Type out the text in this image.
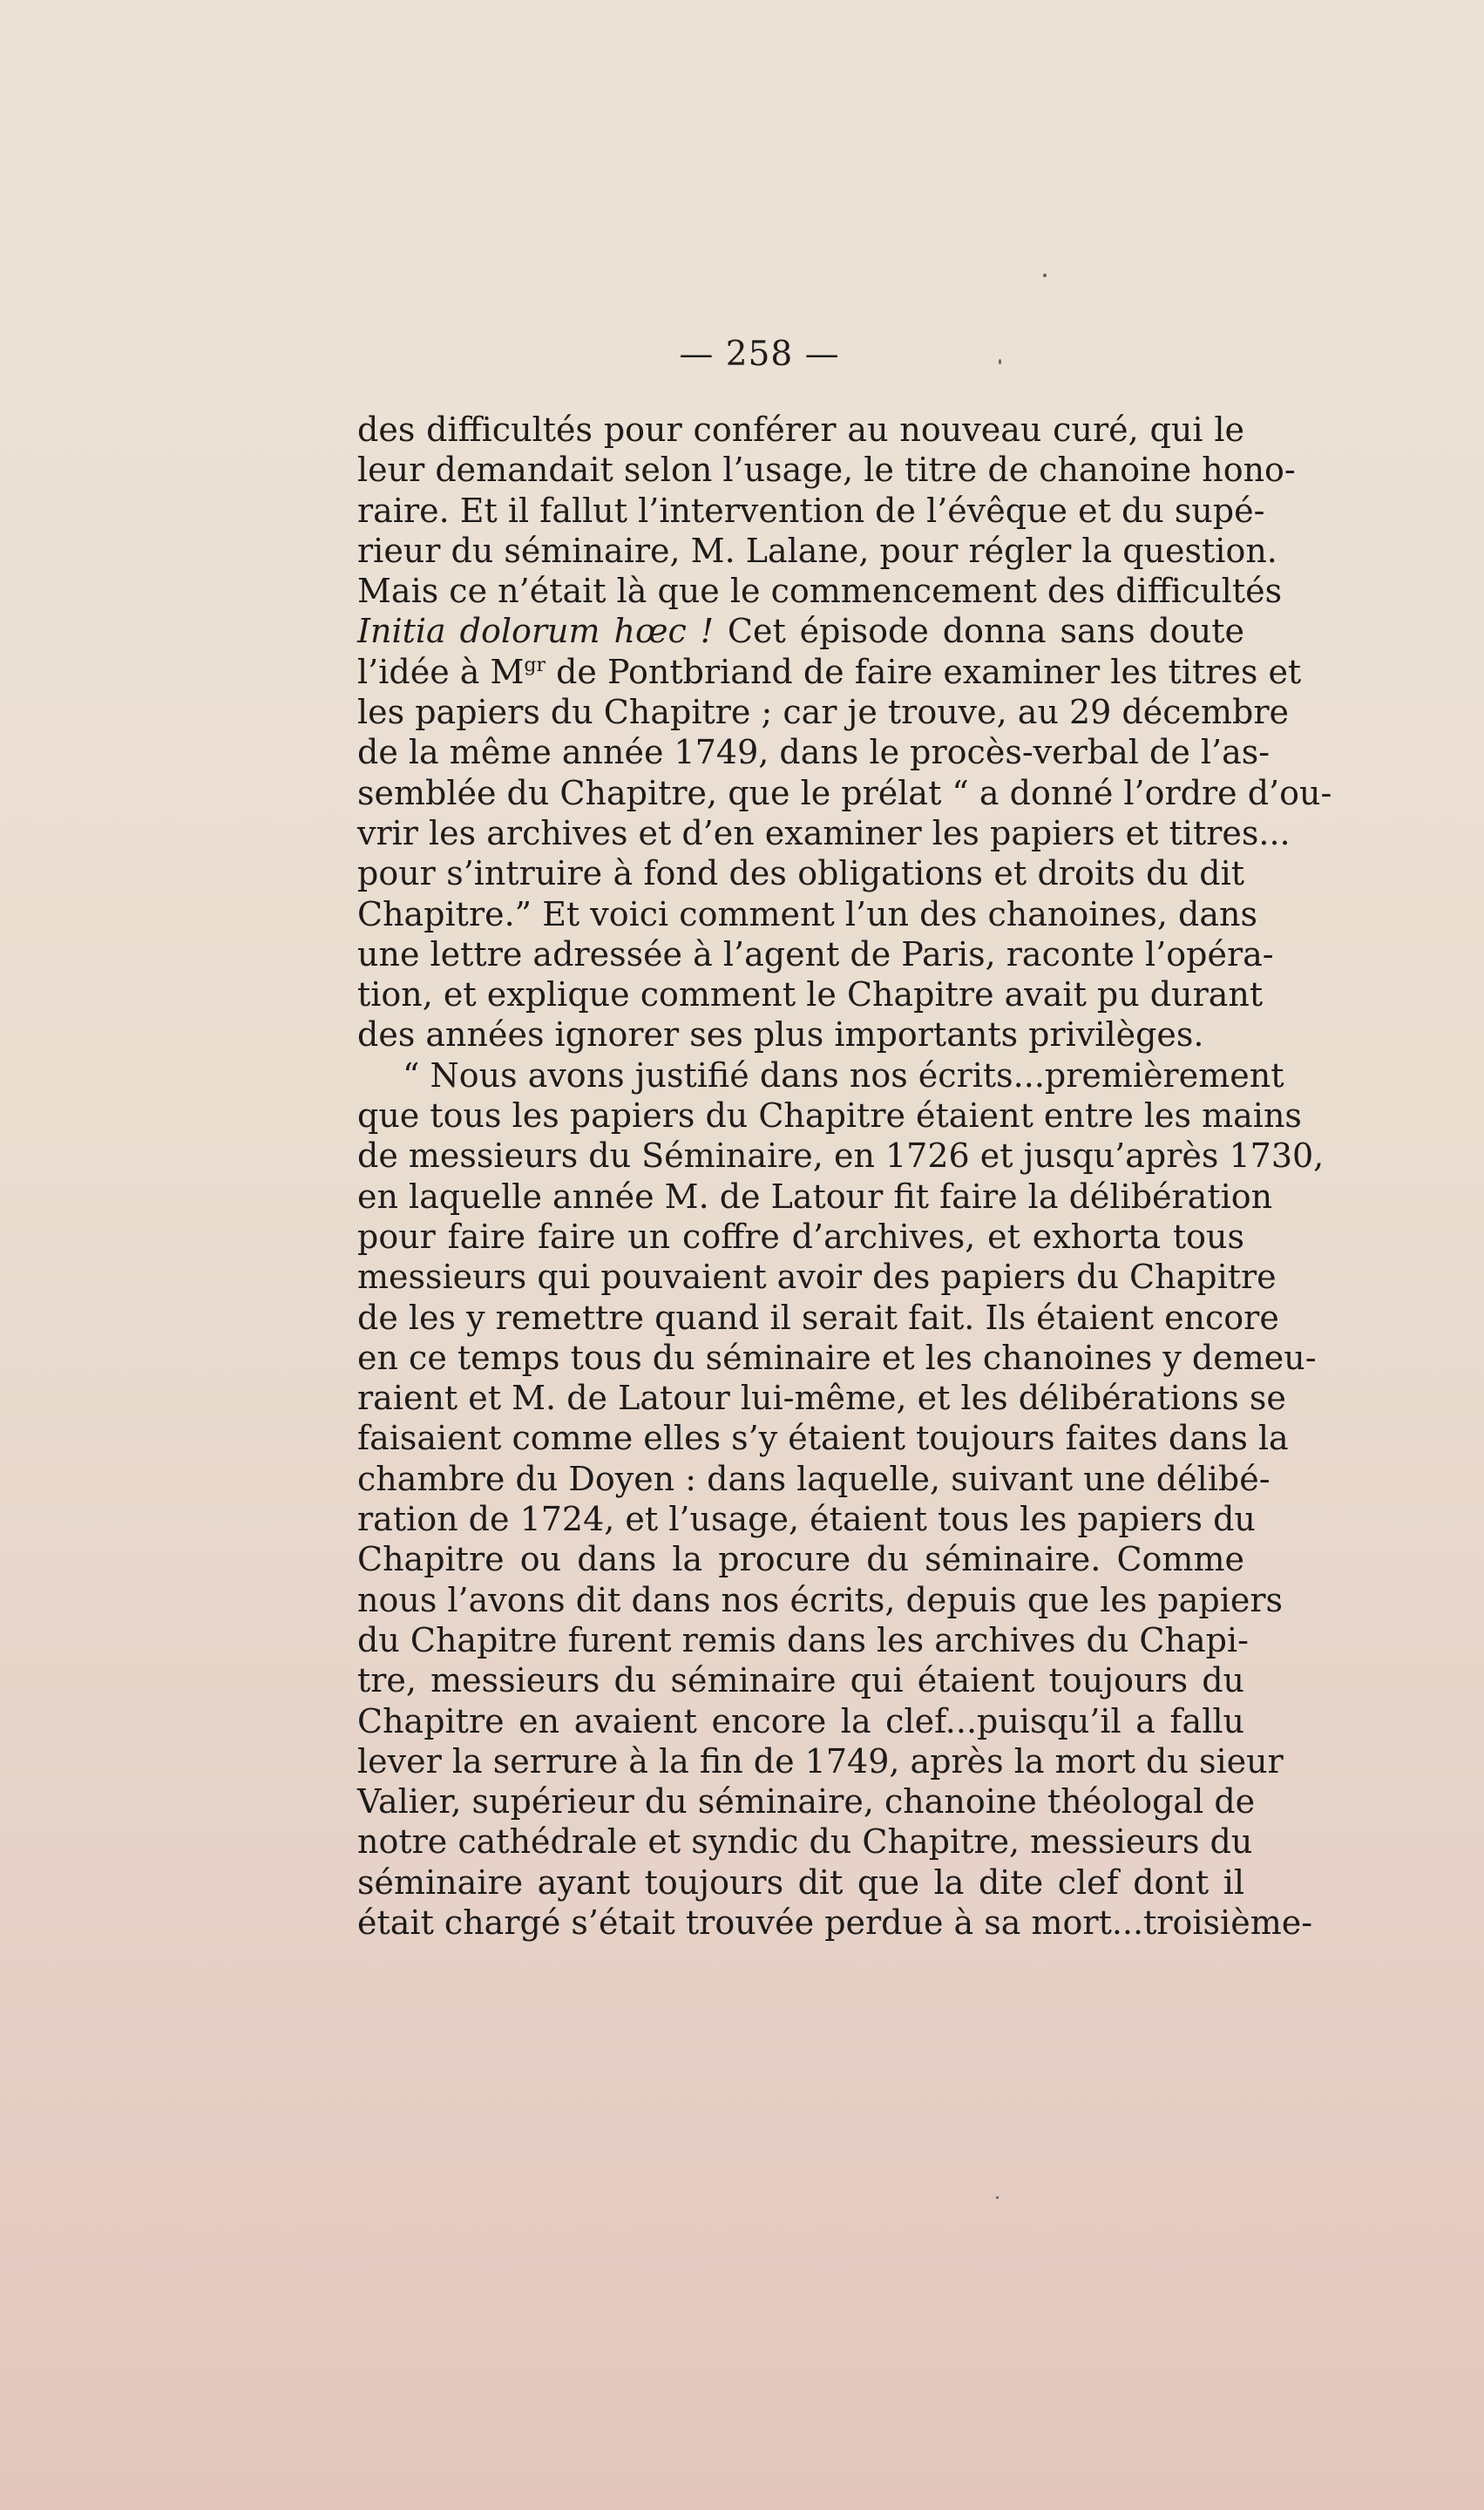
— 258 —
des difficultés pour conférer au nouveau curé, qui le
leur demandait selon l’usage, le titre de chanoine hono-
raire. Et il fallut l’intervention de l’évêque et du supé-
rieur du séminaire, M. Lalane, pour régler la question.
Mais ce n’était là que le commencement des difficultés
Initia dolorum hœc ! Cet épisode donna sans doute
l’idée à $M^{gr}$ de Pontbriand de faire examiner les titres et
les papiers du Chapitre ; car je trouve, au 29 décembre
de la même année 1749, dans le procès-verbal de l’as-
semblée du Chapitre, que le prélat “ a donné l’ordre d’ou-
vrir les archives et d’en examiner les papiers et titres...
pour s’intruire à fond des obligations et droits du dit
Chapitre.” Et voici comment l’un des chanoines, dans
une lettre adressée à l’agent de Paris, raconte l’opéra-
tion, et explique comment le Chapitre avait pu durant
des années ignorer ses plus importants privilèges.
“ Nous avons justifié dans nos écrits...premièrement
que tous les papiers du Chapitre étaient entre les mains
de messieurs du Séminaire, en 1726 et jusqu’après 1730,
en laquelle année M. de Latour fit faire la délibération
pour faire faire un coffre d’archives, et exhorta tous
messieurs qui pouvaient avoir des papiers du Chapitre
de les y remettre quand il serait fait. Ils étaient encore
en ce temps tous du séminaire et les chanoines y demeu-
raient et M. de Latour lui-même, et les délibérations se
faisaient comme elles s’y étaient toujours faites dans la
chambre du Doyen : dans laquelle, suivant une délibé-
ration de 1724, et l’usage, étaient tous les papiers du
Chapitre ou dans la procure du séminaire. Comme
nous l’avons dit dans nos écrits, depuis que les papiers
du Chapitre furent remis dans les archives du Chapi-
tre, messieurs du séminaire qui étaient toujours du
Chapitre en avaient encore la clef...puisqu’il a fallu
lever la serrure à la fin de 1749, après la mort du sieur
Valier, supérieur du séminaire, chanoine théologal de
notre cathédrale et syndic du Chapitre, messieurs du
séminaire ayant toujours dit que la dite clef dont il
était chargé s’était trouvée perdue à sa mort...troisième-
